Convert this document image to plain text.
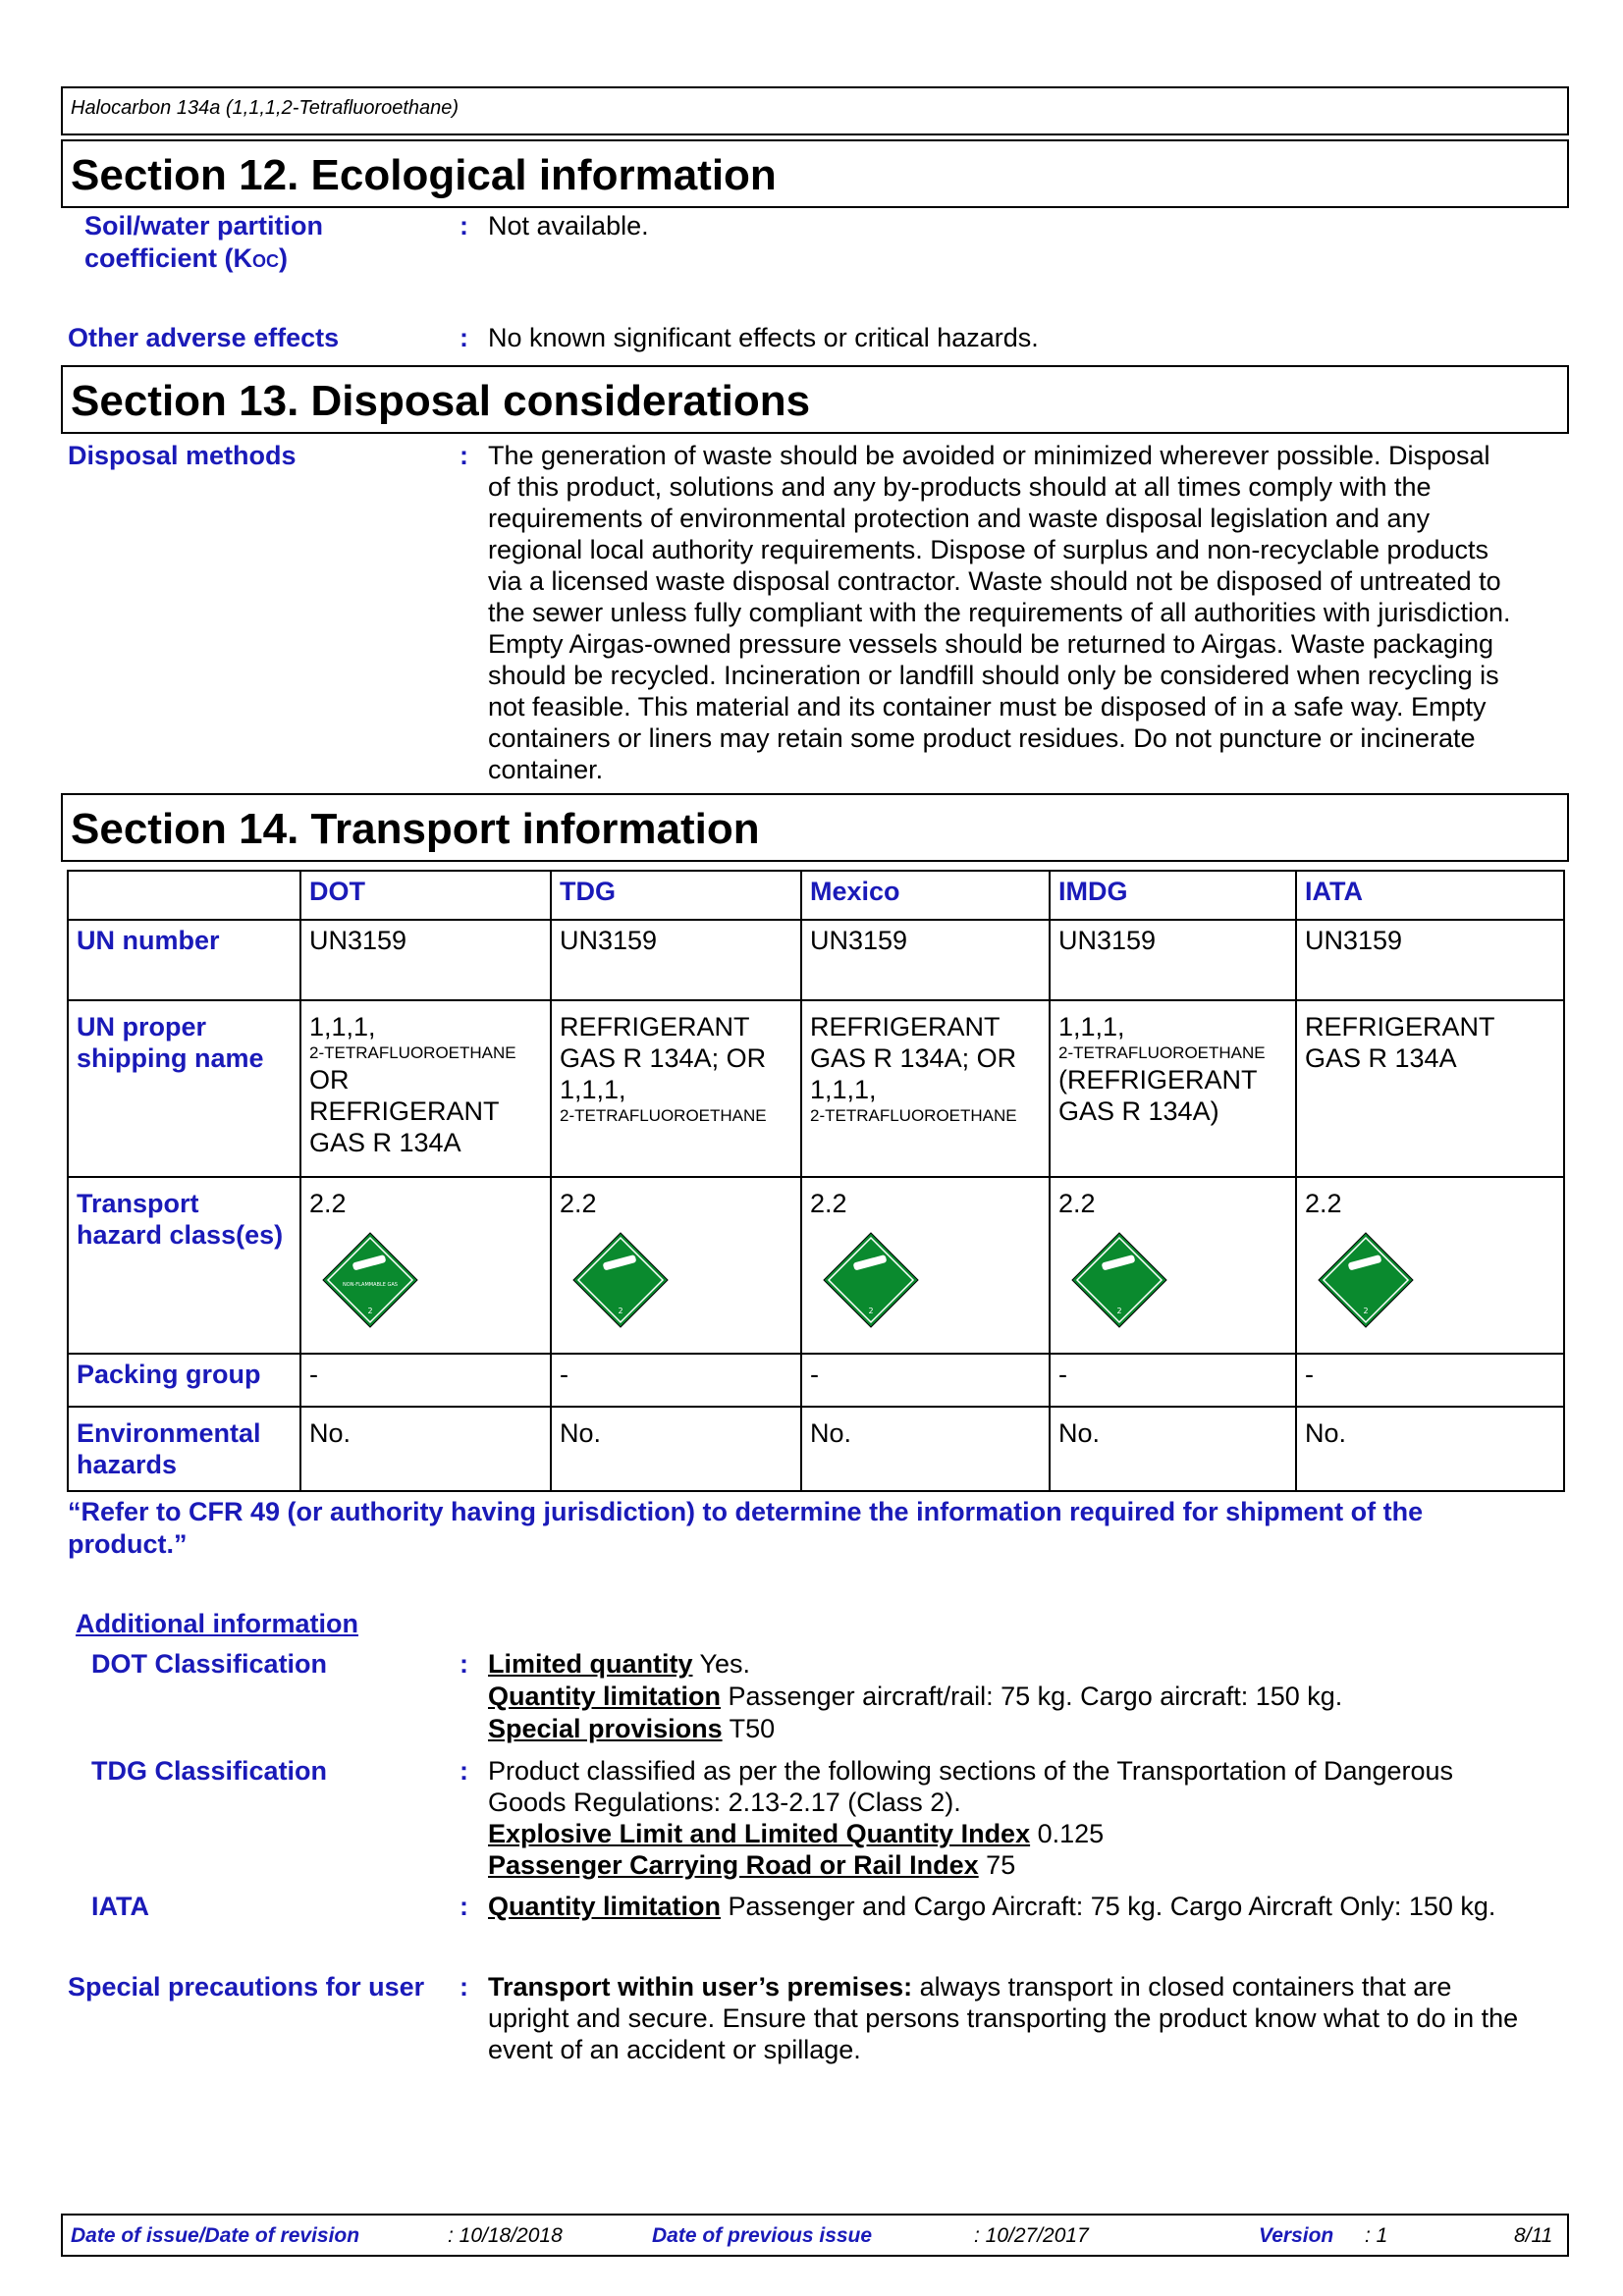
Halocarbon 134a (1,1,1,2-Tetrafluoroethane)
Section 12. Ecological information
Soil/water partition coefficient (KOC)
: Not available.
Other adverse effects	: No known significant effects or critical hazards.
Section 13. Disposal considerations
Disposal methods	: The generation of waste should be avoided or minimized wherever possible. Disposal
of this product, solutions and any by-products should at all times comply with the
requirements of environmental protection and waste disposal legislation and any
regional local authority requirements. Dispose of surplus and non-recyclable products
via a licensed waste disposal contractor. Waste should not be disposed of untreated to
the sewer unless fully compliant with the requirements of all authorities with jurisdiction.
Empty Airgas-owned pressure vessels should be returned to Airgas. Waste packaging
should be recycled. Incineration or landfill should only be considered when recycling is
not feasible. This material and its container must be disposed of in a safe way. Empty
containers or liners may retain some product residues. Do not puncture or incinerate
container.
Section 14. Transport information
	DOT	TDG	Mexico	IMDG	IATA
UN number	UN3159	UN3159	UN3159	UN3159	UN3159
UN proper shipping name	1,1,1,
2-TETRAFLUOROETHANE
OR
REFRIGERANT
GAS R 134A	REFRIGERANT
GAS R 134A; OR
1,1,1,
2-TETRAFLUOROETHANE	REFRIGERANT
GAS R 134A; OR
1,1,1,
2-TETRAFLUOROETHANE	1,1,1,
2-TETRAFLUOROETHANE
(REFRIGERANT
GAS R 134A)	REFRIGERANT
GAS R 134A

Transport hazard class(es)	2.2
NON-FLAMMABLE GAS
2	2.2
2	2.2
2	2.2
2	2.2
2

Packing group	-	-	-	-	-
Environmental hazards	No.	No.	No.	No.	No.
“Refer to CFR 49 (or authority having jurisdiction) to determine the information required for shipment of the
product.”
Additional information
DOT Classification	: Limited quantity Yes.
Quantity limitation Passenger aircraft/rail: 75 kg. Cargo aircraft: 150 kg.
Special provisions T50
TDG Classification	: Product classified as per the following sections of the Transportation of Dangerous
Goods Regulations: 2.13-2.17 (Class 2).
Explosive Limit and Limited Quantity Index 0.125
Passenger Carrying Road or Rail Index 75
IATA	: Quantity limitation Passenger and Cargo Aircraft: 75 kg. Cargo Aircraft Only: 150 kg.
Special precautions for user : Transport within user’s premises: always transport in closed containers that are
upright and secure. Ensure that persons transporting the product know what to do in the
event of an accident or spillage.
Date of issue/Date of revision	: 10/18/2018	Date of previous issue	: 10/27/2017	Version : 1	8/11
